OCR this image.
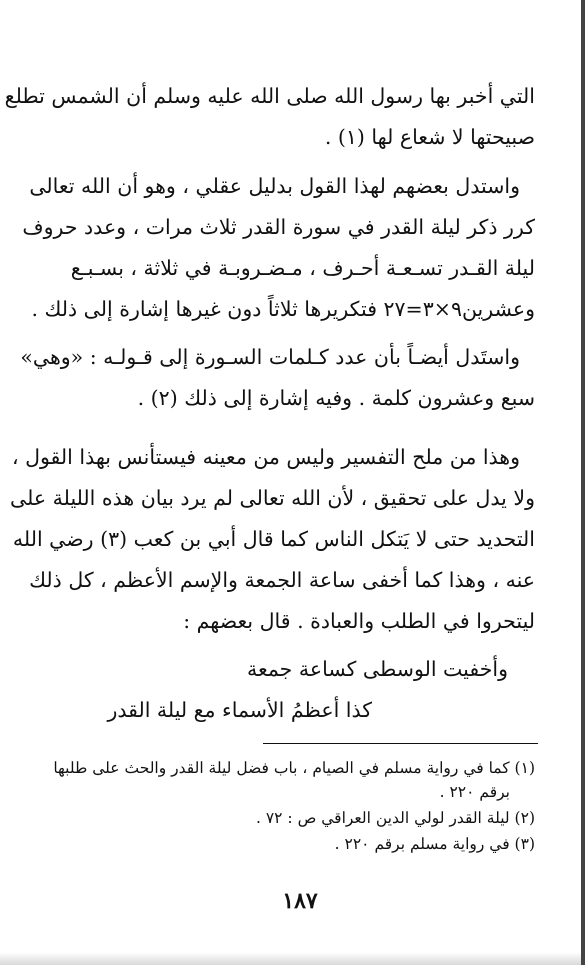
التي أخبر بها رسول الله صلى الله عليه وسلم أن الشمس تطلع
صبيحتها لا شعاع لها (١) .
واستدل بعضهم لهذا القول بدليل عقلي ، وهو أن الله تعالى
كرر ذكر ليلة القدر في سورة القدر ثلاث مرات ، وعدد حروف
ليلة القـدر تسـعـة أحـرف ، مـضـروبـة في ثلاثة ، بسـبـع
وعشرين٩×٣=٢٧ فتكريرها ثلاثاً دون غيرها إشارة إلى ذلك .
واستَدل أيضـاً بأن عدد كـلمات السـورة إلى قـولـه : «وهي»
سبع وعشرون كلمة . وفيه إشارة إلى ذلك (٢) .
وهذا من ملح التفسير وليس من معينه فيستأنس بهذا القول ،
ولا يدل على تحقيق ، لأن الله تعالى لم يرد بيان هذه الليلة على
التحديد حتى لا يَتكل الناس كما قال أبي بن كعب (٣) رضي الله
عنه ، وهذا كما أخفى ساعة الجمعة والإسم الأعظم ، كل ذلك
ليتحروا في الطلب والعبادة . قال بعضهم :
وأخفيت الوسطى كساعة جمعة
كذا أعظمُ الأسماء مع ليلة القدر
(١) كما في رواية مسلم في الصيام ، باب فضل ليلة القدر والحث على طلبها
برقم ٢٢٠ .
(٢) ليلة القدر لولي الدين العراقي ص : ٧٢ .
(٣) في رواية مسلم برقم ٢٢٠ .
١٨٧
